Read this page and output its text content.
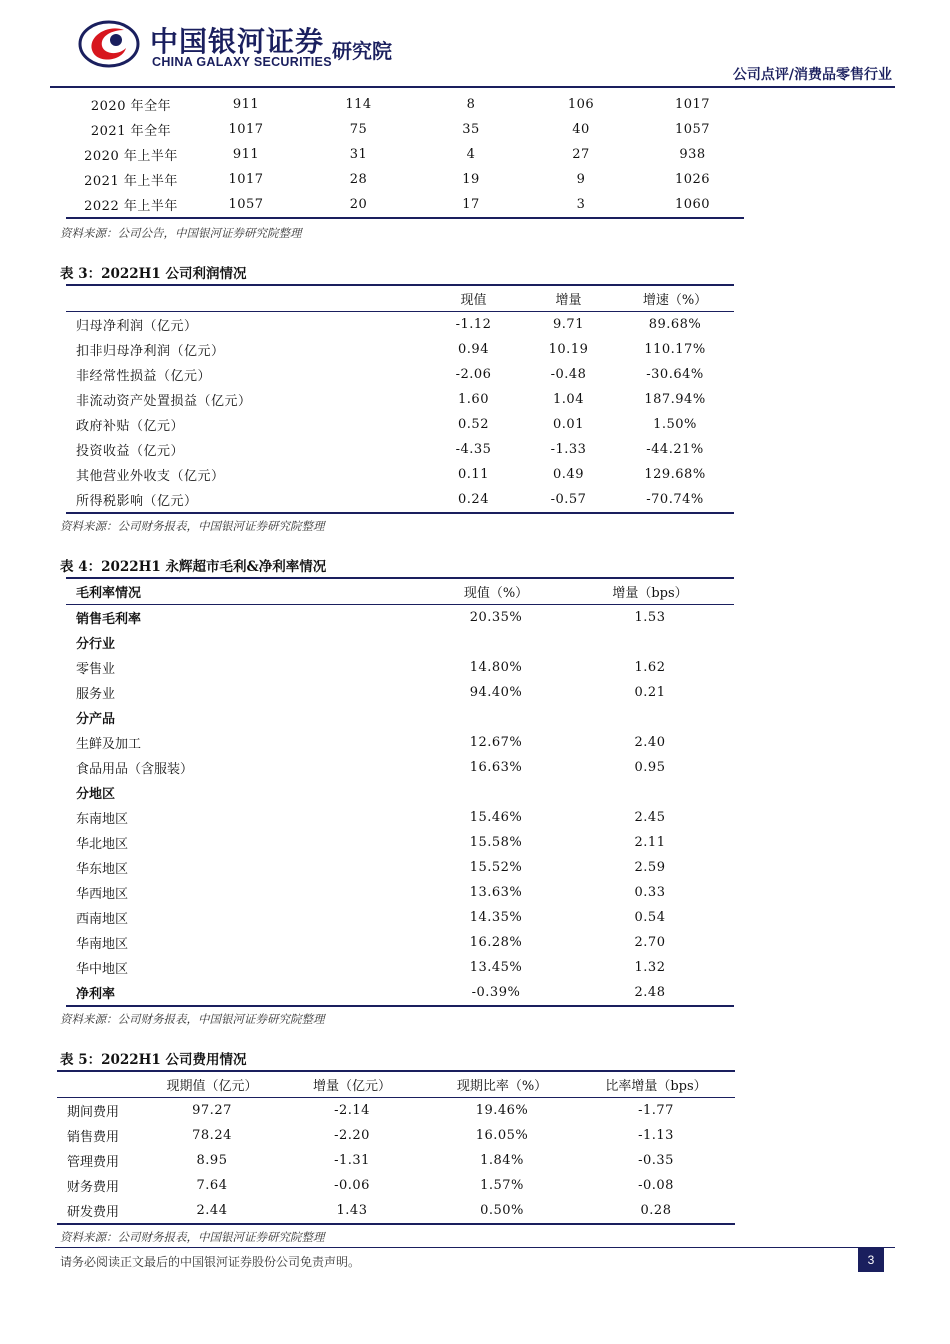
中国银河证券
CHINA GALAXY SECURITIES 研究院
公司点评/消费品零售行业
2020 年全年	911	114	8	106	1017
2021 年全年	1017	75	35	40	1057
2020 年上半年	911	31	4	27	938
2021 年上半年	1017	28	19	9	1026
2022 年上半年	1057	20	17	3	1060
资料来源：公司公告，中国银河证券研究院整理
表 3：2022H1 公司利润情况
	现值	增量	增速（%）
归母净利润（亿元）	-1.12	9.71	89.68%
扣非归母净利润（亿元）	0.94	10.19	110.17%
非经常性损益（亿元）	-2.06	-0.48	-30.64%
非流动资产处置损益（亿元）	1.60	1.04	187.94%
政府补贴（亿元）	0.52	0.01	1.50%
投资收益（亿元）	-4.35	-1.33	-44.21%
其他营业外收支（亿元）	0.11	0.49	129.68%
所得税影响（亿元）	0.24	-0.57	-70.74%
资料来源：公司财务报表，中国银河证券研究院整理
表 4：2022H1 永辉超市毛利&净利率情况
毛利率情况	现值（%）	增量（bps）
销售毛利率	20.35%	1.53
分行业		
零售业	14.80%	1.62
服务业	94.40%	0.21
分产品		
生鲜及加工	12.67%	2.40
食品用品（含服装）	16.63%	0.95
分地区		
东南地区	15.46%	2.45
华北地区	15.58%	2.11
华东地区	15.52%	2.59
华西地区	13.63%	0.33
西南地区	14.35%	0.54
华南地区	16.28%	2.70
华中地区	13.45%	1.32
净利率	-0.39%	2.48
资料来源：公司财务报表，中国银河证券研究院整理
表 5：2022H1 公司费用情况
	现期值（亿元）	增量（亿元）	现期比率（%）	比率增量（bps）
期间费用	97.27	-2.14	19.46%	-1.77
销售费用	78.24	-2.20	16.05%	-1.13
管理费用	8.95	-1.31	1.84%	-0.35
财务费用	7.64	-0.06	1.57%	-0.08
研发费用	2.44	1.43	0.50%	0.28
资料来源：公司财务报表，中国银河证券研究院整理
请务必阅读正文最后的中国银河证券股份公司免责声明。	3
